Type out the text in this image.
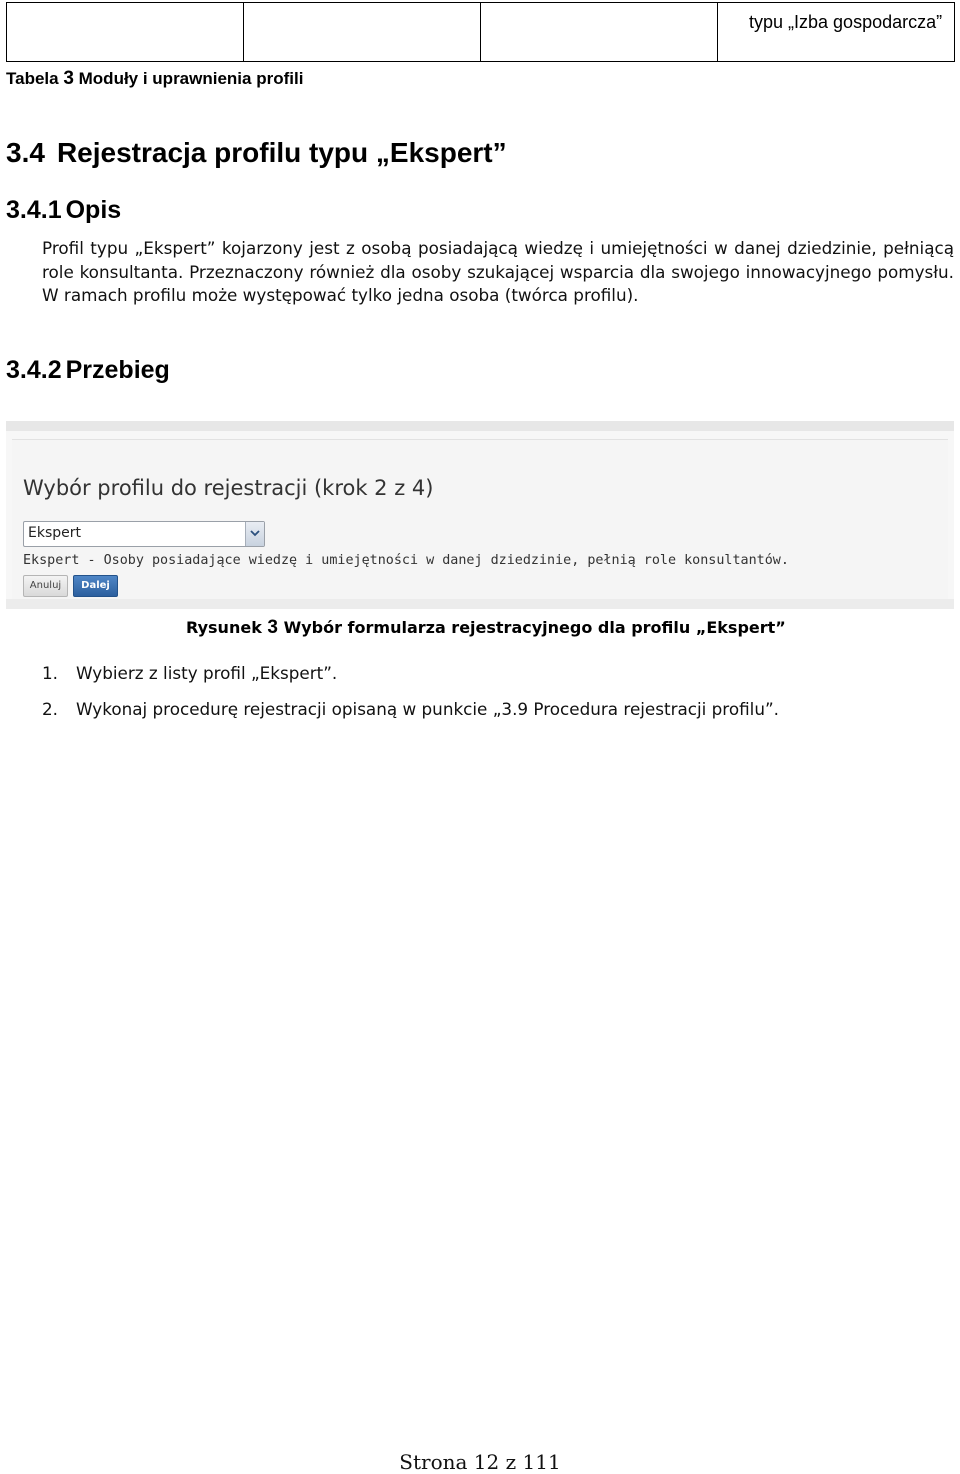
typu „Izba gospodarcza”
Tabela 3 Moduły i uprawnienia profili
3.4 Rejestracja profilu typu „Ekspert”
3.4.1 Opis
Profil typu „Ekspert” kojarzony jest z osobą posiadającą wiedzę i umiejętności w danej dziedzinie, pełniącą role konsultanta. Przeznaczony również dla osoby szukającej wsparcia dla swojego innowacyjnego pomysłu. W ramach profilu może występować tylko jedna osoba (twórca profilu).
3.4.2 Przebieg
Wybór profilu do rejestracji (krok 2 z 4)
Ekspert
Ekspert - Osoby posiadające wiedzę i umiejętności w danej dziedzinie, pełnią role konsultantów.
Anuluj	Dalej
Rysunek 3 Wybór formularza rejestracyjnego dla profilu „Ekspert”
1. Wybierz z listy profil „Ekspert”.
2. Wykonaj procedurę rejestracji opisaną w punkcie „3.9 Procedura rejestracji profilu”.
Strona 12 z 111
